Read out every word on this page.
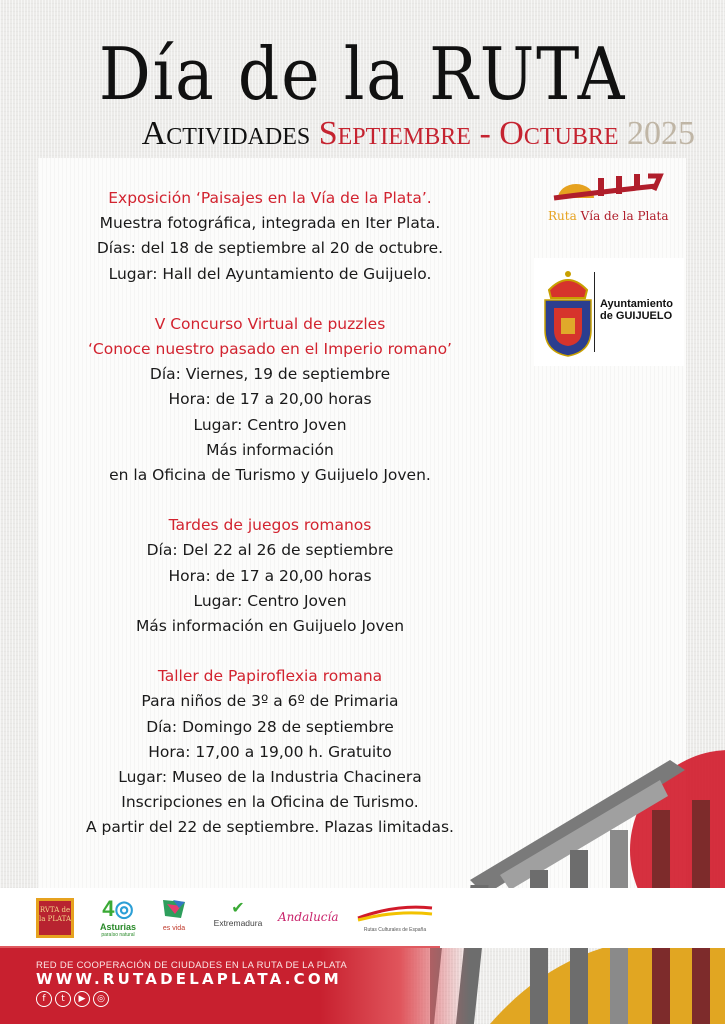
Día de la RUTA
Actividades Septiembre - Octubre 2025
Exposición ‘Paisajes en la Vía de la Plata’.
Muestra fotográfica, integrada en Iter Plata.
Días: del 18 de septiembre al 20 de octubre.
Lugar: Hall del Ayuntamiento de Guijuelo.
V Concurso Virtual de puzzles
‘Conoce nuestro pasado en el Imperio romano’
Día: Viernes, 19 de septiembre
Hora: de 17 a 20,00 horas
Lugar: Centro Joven
Más información
en la Oficina de Turismo y Guijuelo Joven.
Tardes de juegos romanos
Día: Del 22 al 26 de septiembre
Hora: de 17 a 20,00 horas
Lugar: Centro Joven
Más información en Guijuelo Joven
Taller de Papiroflexia romana
Para niños de 3º a 6º de Primaria
Día: Domingo 28 de septiembre
Hora: 17,00 a 19,00 h. Gratuito
Lugar: Museo de la Industria Chacinera
Inscripciones en la Oficina de Turismo.
A partir del 22 de septiembre. Plazas limitadas.
Ruta Vía de la Plata
Ayuntamiento
de GUIJUELO
RVTA de la PLATA	4◎
Asturias
paraíso natural
es vida
✔
Extremadura	Andalucía
Rutas Culturales de España
RED DE COOPERACIÓN DE CIUDADES EN LA RUTA DE LA PLATA
WWW.RUTADELAPLATA.COM
f	t	▶	◎
